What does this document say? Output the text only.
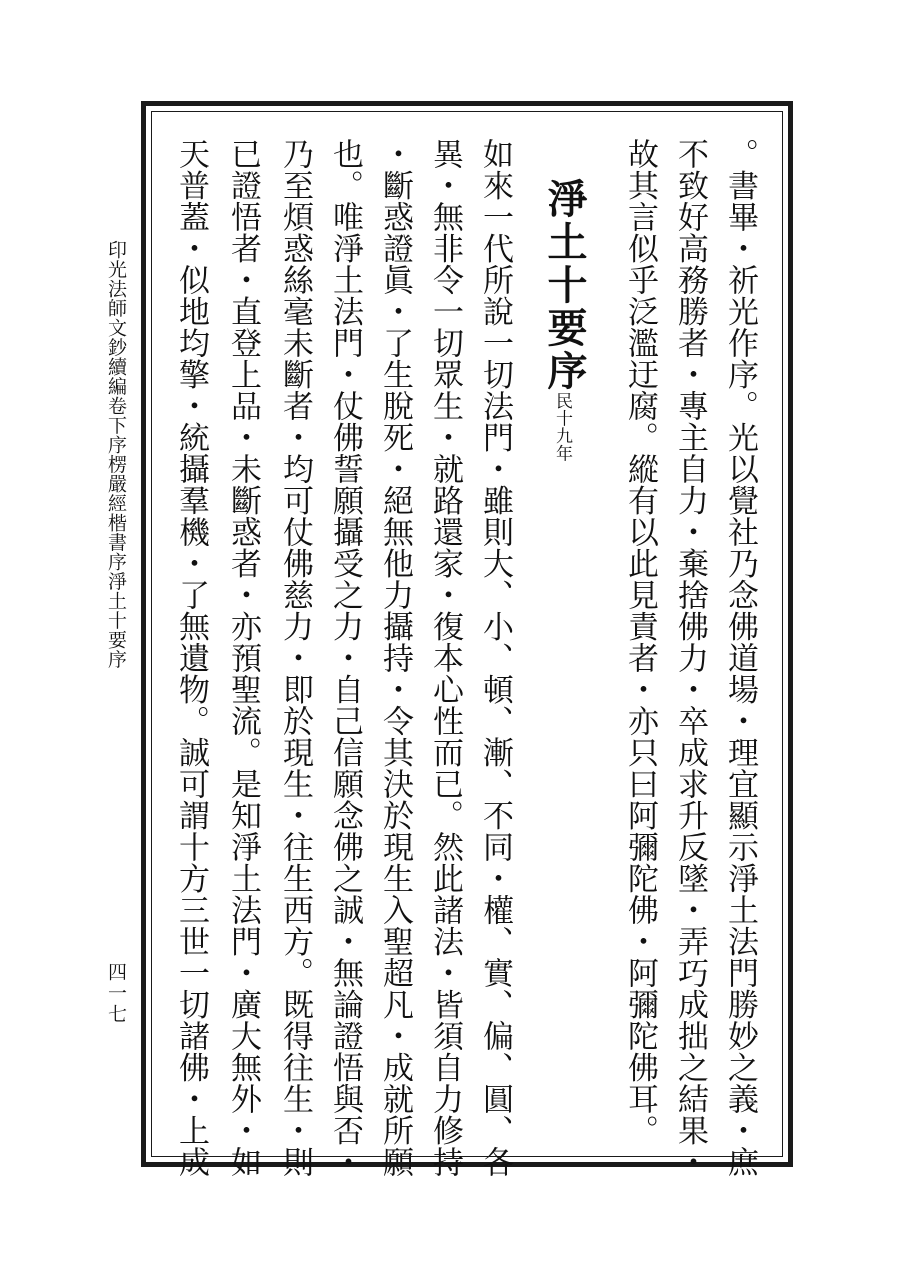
。書畢・祈光作序。光以覺社乃念佛道場・理宜顯示淨土法門勝妙之義・庶
不致好高務勝者・專主自力・棄捨佛力・卒成求升反墜・弄巧成拙之結果・
故其言似乎泛濫迂腐。縱有以此見責者・亦只曰阿彌陀佛・阿彌陀佛耳。
淨土十要序
民十九年
如來一代所說一切法門・雖則大、小、頓、漸、不同・權、實、偏、圓、各
異・無非令一切眾生・就路還家・復本心性而已。然此諸法・皆須自力修持
・斷惑證眞・了生脫死・絕無他力攝持・令其決於現生入聖超凡・成就所願
也。唯淨土法門・仗佛誓願攝受之力・自己信願念佛之誠・無論證悟與否・
乃至煩惑絲毫未斷者・均可仗佛慈力・即於現生・往生西方。既得往生・則
已證悟者・直登上品・未斷惑者・亦預聖流。是知淨土法門・廣大無外・如
天普蓋・似地均擎・統攝羣機・了無遺物。誠可謂十方三世一切諸佛・上成
印光法師文鈔續編卷下序楞嚴經楷書序淨土十要序
四一七
